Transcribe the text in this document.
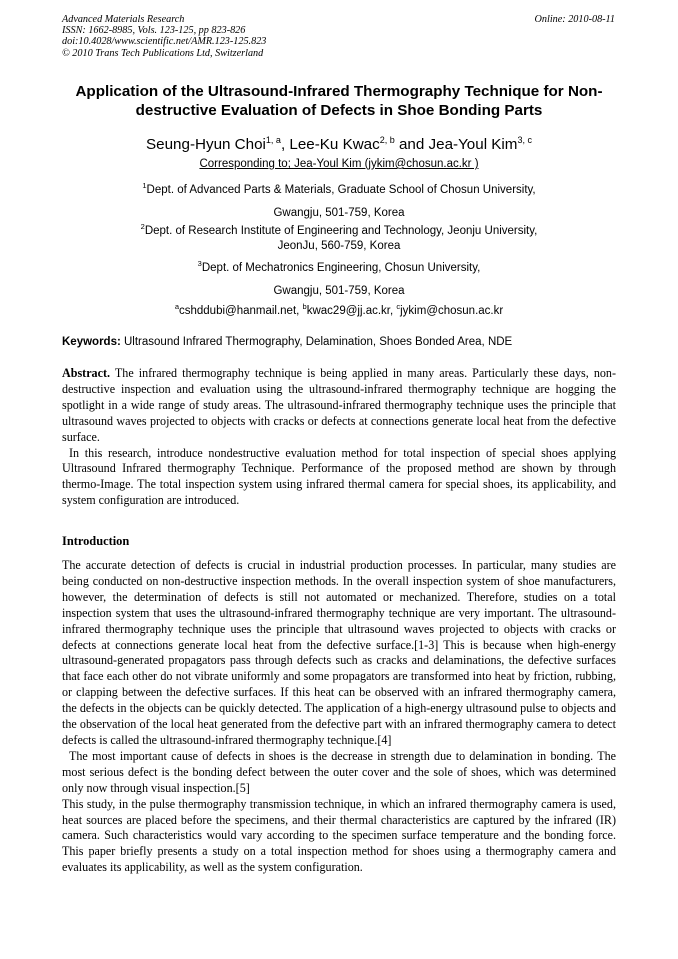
Advanced Materials Research
ISSN: 1662-8985, Vols. 123-125, pp 823-826
doi:10.4028/www.scientific.net/AMR.123-125.823
© 2010 Trans Tech Publications Ltd, Switzerland
Online: 2010-08-11
Application of the Ultrasound-Infrared Thermography Technique for Non-destructive Evaluation of Defects in Shoe Bonding Parts
Seung-Hyun Choi$^{1, a}$, Lee-Ku Kwac$^{2, b}$ and Jea-Youl Kim$^{3, c}$
Corresponding to; Jea-Youl Kim (jykim@chosun.ac.kr )
$^1$Dept. of Advanced Parts & Materials, Graduate School of Chosun University,
Gwangju, 501-759, Korea
$^2$Dept. of Research Institute of Engineering and Technology, Jeonju University,
JeonJu, 560-759, Korea
$^3$Dept. of Mechatronics Engineering, Chosun University,
Gwangju, 501-759, Korea
$^a$cshddubi@hanmail.net, $^b$kwac29@jj.ac.kr, $^c$jykim@chosun.ac.kr
Keywords: Ultrasound Infrared Thermography, Delamination, Shoes Bonded Area, NDE

Abstract. The infrared thermography technique is being applied in many areas. Particularly these days, non-destructive inspection and evaluation using the ultrasound-infrared thermography technique are hogging the spotlight in a wide range of study areas. The ultrasound-infrared thermography technique uses the principle that ultrasound waves projected to objects with cracks or defects at connections generate local heat from the defective surface.

In this research, introduce nondestructive evaluation method for total inspection of special shoes applying Ultrasound Infrared thermography Technique. Performance of the proposed method are shown by through thermo-Image. The total inspection system using infrared thermal camera for special shoes, its applicability, and system configuration are introduced.

Introduction

The accurate detection of defects is crucial in industrial production processes. In particular, many studies are being conducted on non-destructive inspection methods. In the overall inspection system of shoe manufacturers, however, the determination of defects is still not automated or mechanized. Therefore, studies on a total inspection system that uses the ultrasound-infrared thermography technique are very important. The ultrasound-infrared thermography technique uses the principle that ultrasound waves projected to objects with cracks or defects at connections generate local heat from the defective surface.[1-3] This is because when high-energy ultrasound-generated propagators pass through defects such as cracks and delaminations, the defective surfaces that face each other do not vibrate uniformly and some propagators are transformed into heat by friction, rubbing, or clapping between the defective surfaces. If this heat can be observed with an infrared thermography camera, the defects in the objects can be quickly detected. The application of a high-energy ultrasound pulse to objects and the observation of the local heat generated from the defective part with an infrared thermography camera to detect defects is called the ultrasound-infrared thermography technique.[4]

The most important cause of defects in shoes is the decrease in strength due to delamination in bonding. The most serious defect is the bonding defect between the outer cover and the sole of shoes, which was determined only now through visual inspection.[5]

This study, in the pulse thermography transmission technique, in which an infrared thermography camera is used, heat sources are placed before the specimens, and their thermal characteristics are captured by the infrared (IR) camera. Such characteristics would vary according to the specimen surface temperature and the bonding force. This paper briefly presents a study on a total inspection method for shoes using a thermography camera and evaluates its applicability, as well as the system configuration.
